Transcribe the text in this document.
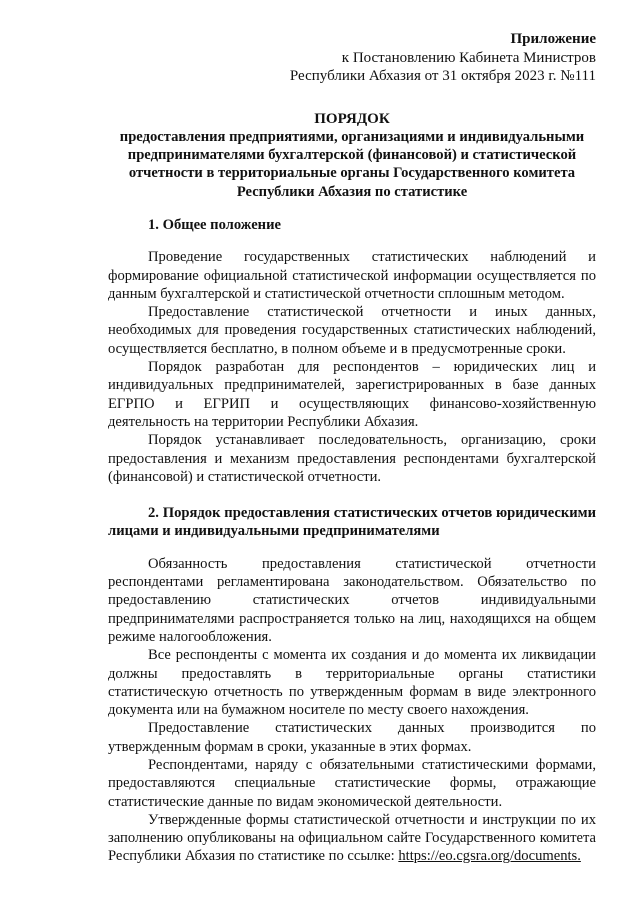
Приложение
к Постановлению Кабинета Министров
Республики Абхазия от 31 октября 2023 г. №111
ПОРЯДОК
предоставления предприятиями, организациями и индивидуальными предпринимателями бухгалтерской (финансовой) и статистической отчетности в территориальные органы Государственного комитета Республики Абхазия по статистике
1. Общее положение

Проведение государственных статистических наблюдений и формирование официальной статистической информации осуществляется по данным бухгалтерской и статистической отчетности сплошным методом.

Предоставление статистической отчетности и иных данных, необходимых для проведения государственных статистических наблюдений, осуществляется бесплатно, в полном объеме и в предусмотренные сроки.

Порядок разработан для респондентов – юридических лиц и индивидуальных предпринимателей, зарегистрированных в базе данных ЕГРПО и ЕГРИП и осуществляющих финансово-хозяйственную деятельность на территории Республики Абхазия.

Порядок устанавливает последовательность, организацию, сроки предоставления и механизм предоставления респондентами бухгалтерской (финансовой) и статистической отчетности.

2. Порядок предоставления статистических отчетов юридическими лицами и индивидуальными предпринимателями

Обязанность предоставления статистической отчетности респондентами регламентирована законодательством. Обязательство по предоставлению статистических отчетов индивидуальными предпринимателями распространяется только на лиц, находящихся на общем режиме налогообложения.

Все респонденты с момента их создания и до момента их ликвидации должны предоставлять в территориальные органы статистики статистическую отчетность по утвержденным формам в виде электронного документа или на бумажном носителе по месту своего нахождения.

Предоставление статистических данных производится по утвержденным формам в сроки, указанные в этих формах.

Респондентами, наряду с обязательными статистическими формами, предоставляются специальные статистические формы, отражающие статистические данные по видам экономической деятельности.

Утвержденные формы статистической отчетности и инструкции по их заполнению опубликованы на официальном сайте Государственного комитета Республики Абхазия по статистике по ссылке: https://eo.cgsra.org/documents.
